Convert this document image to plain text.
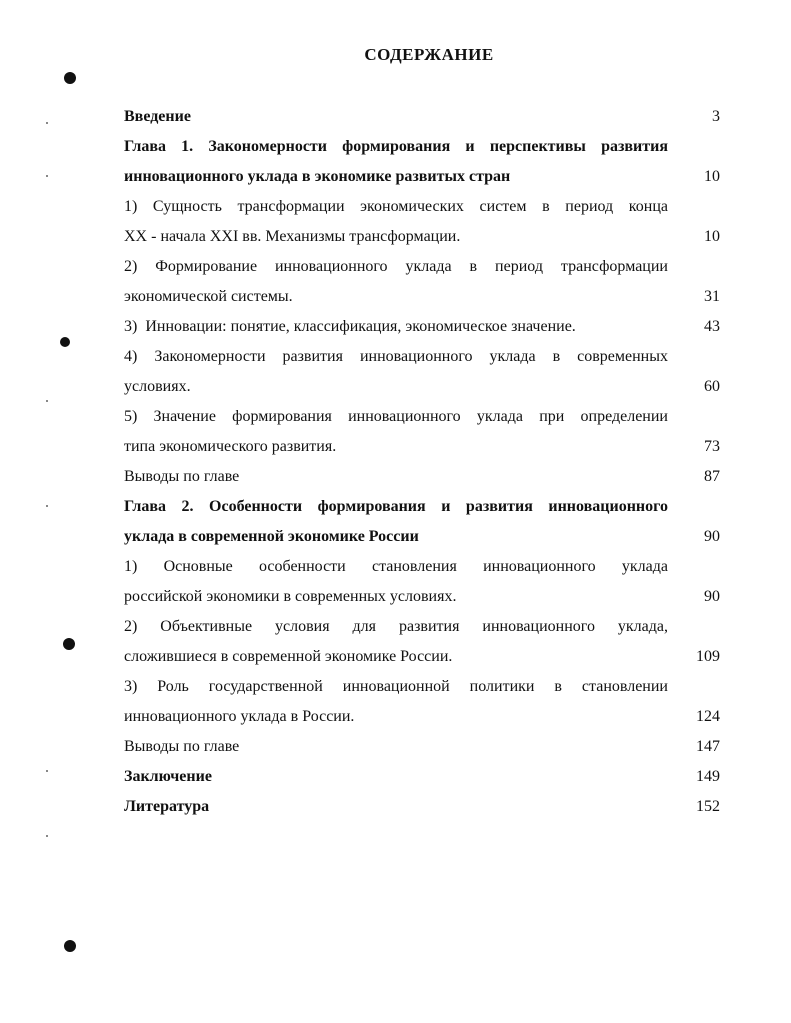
СОДЕРЖАНИЕ
Введение	3
Глава 1. Закономерности формирования и перспективы развития
инновационного уклада в экономике развитых стран	10
1) Сущность трансформации экономических систем в период конца
XX - начала XXI вв. Механизмы трансформации.	10
2) Формирование инновационного уклада в период трансформации
экономической системы.	31
3)  Инновации: понятие, классификация, экономическое значение.	43
4) Закономерности развития инновационного уклада в современных
условиях.	60
5) Значение формирования инновационного уклада при определении
типа экономического развития.	73
Выводы по главе	87
Глава 2. Особенности формирования и развития инновационного
уклада в современной экономике России	90
1) Основные особенности становления инновационного уклада
российской экономики в современных условиях.	90
2) Объективные условия для развития инновационного уклада,
сложившиеся в современной экономике России.	109
3) Роль государственной инновационной политики в становлении
инновационного уклада в России.	124
Выводы по главе	147
Заключение	149
Литература	152
